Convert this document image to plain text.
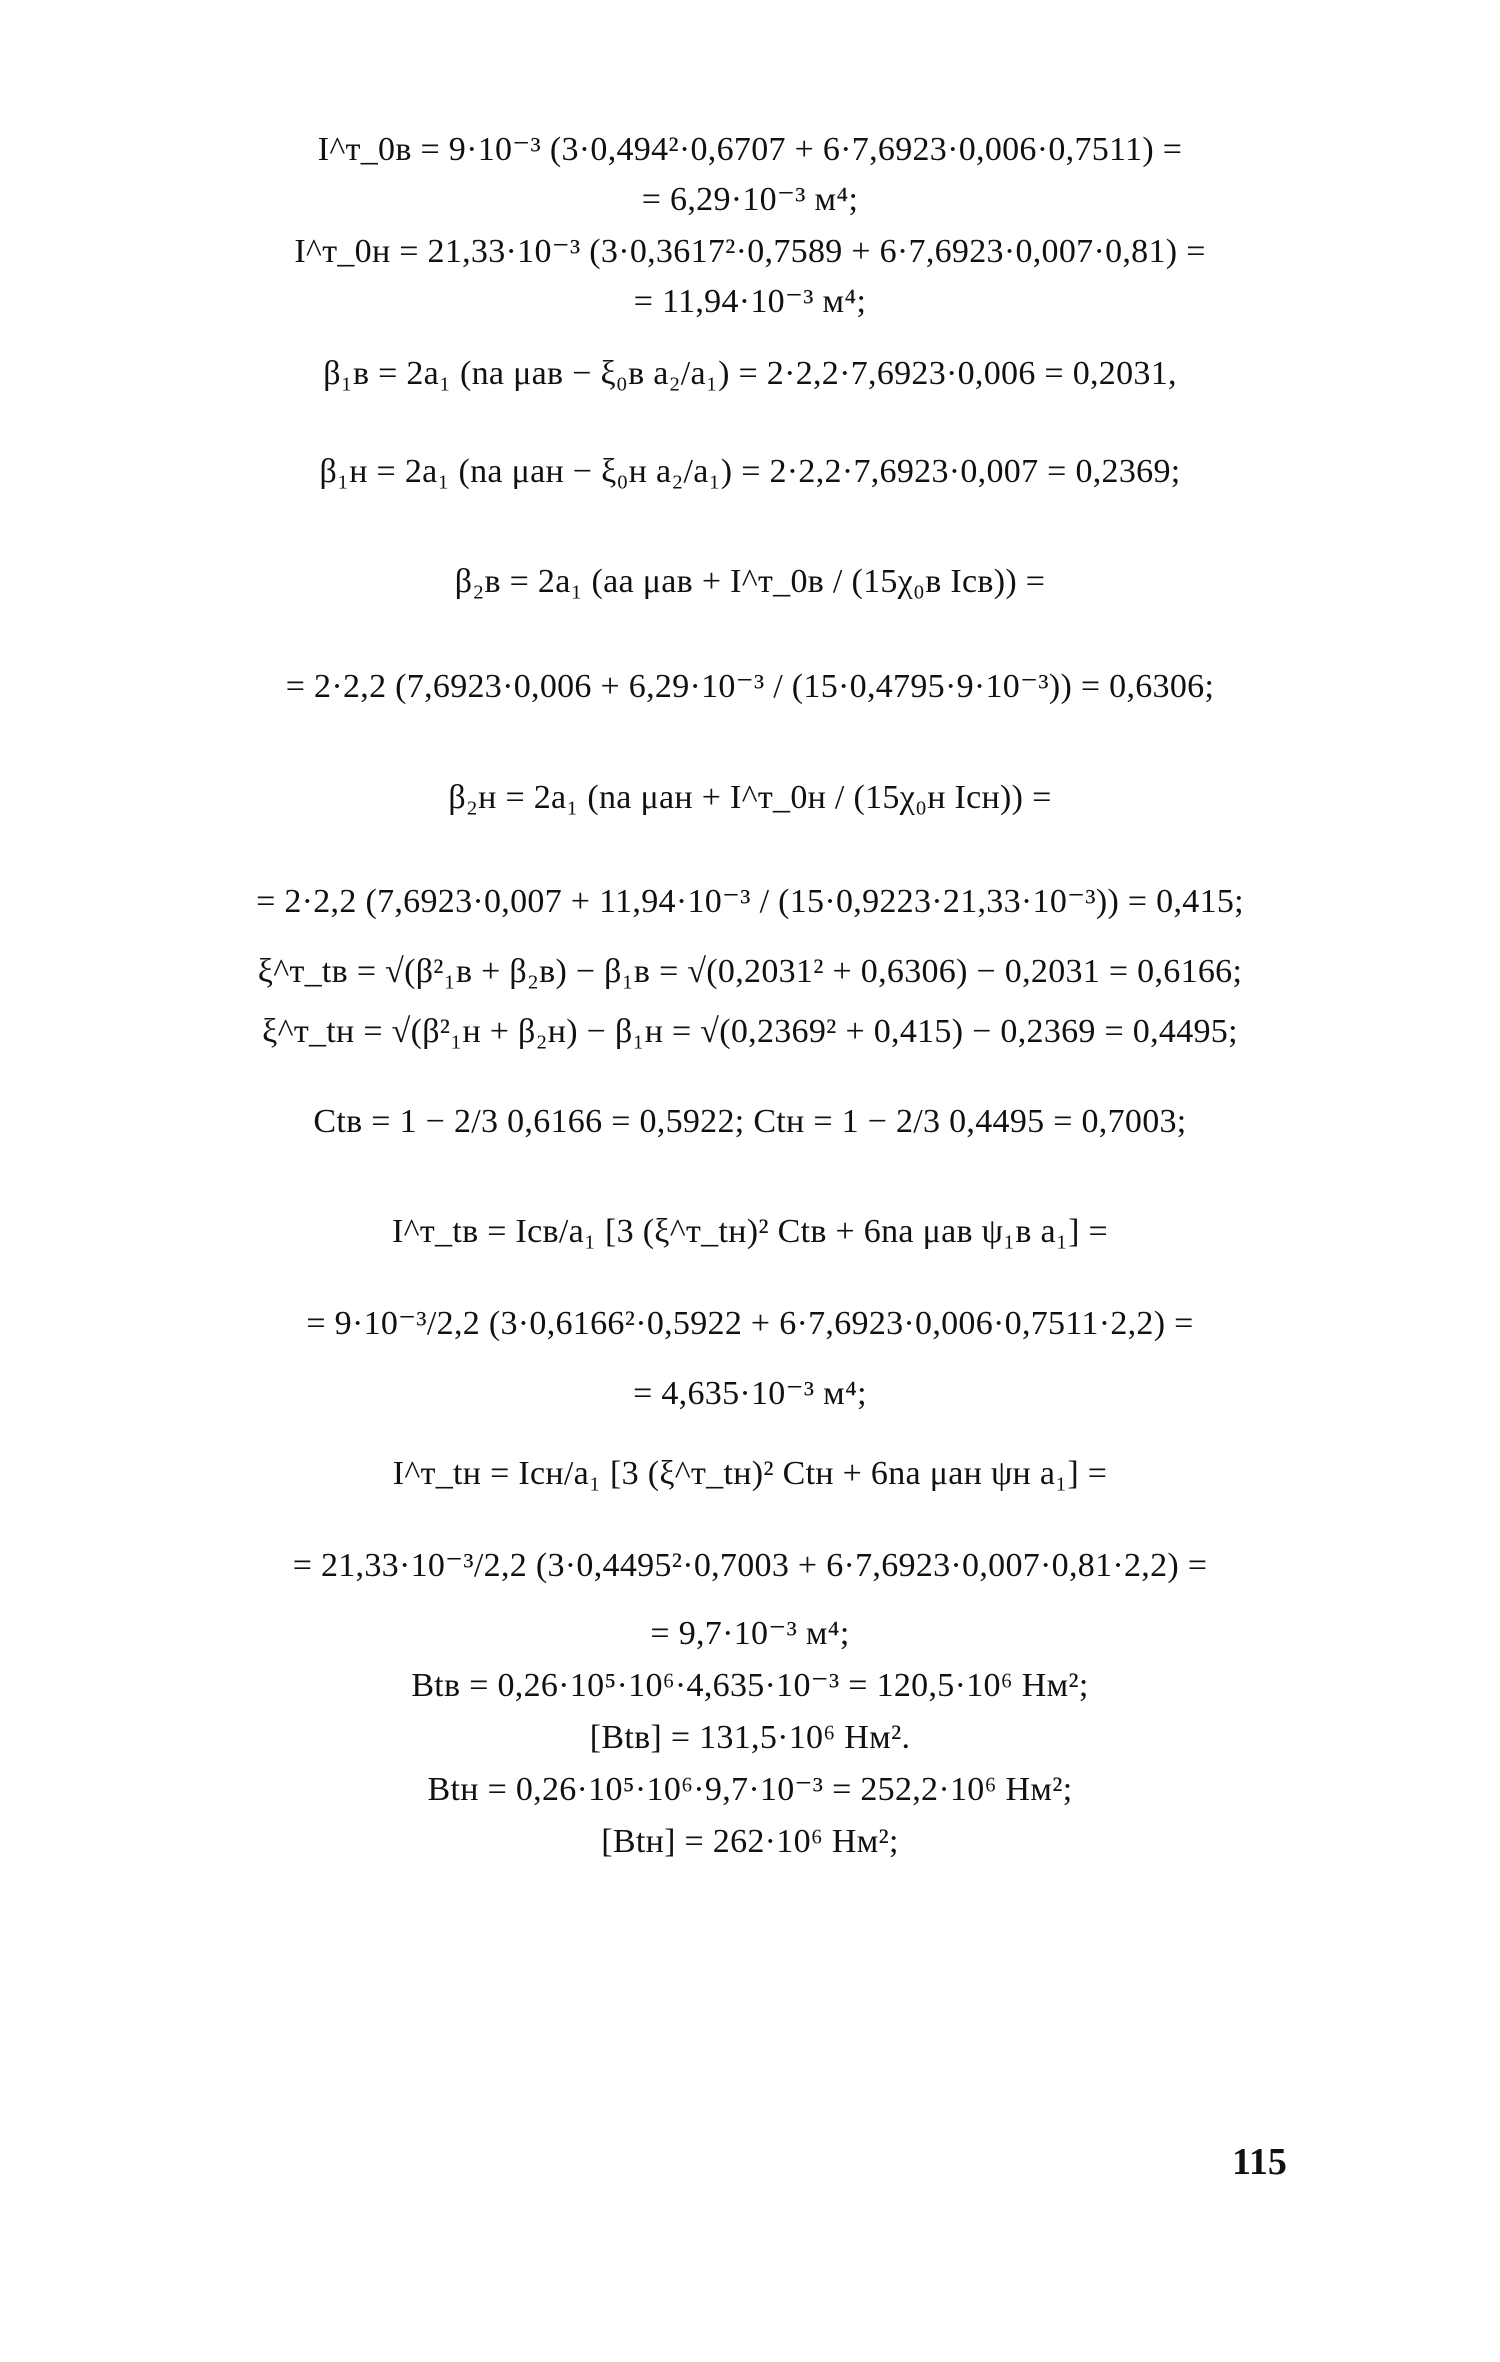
I^т_0в = 9·10⁻³ (3·0,494²·0,6707 + 6·7,6923·0,006·0,7511) =
= 6,29·10⁻³ м⁴;
I^т_0н = 21,33·10⁻³ (3·0,3617²·0,7589 + 6·7,6923·0,007·0,81) =
= 11,94·10⁻³ м⁴;
β₁в = 2a₁ (nа μaв − ξ₀в a₂/a₁) = 2·2,2·7,6923·0,006 = 0,2031,
β₁н = 2a₁ (nа μaн − ξ₀н a₂/a₁) = 2·2,2·7,6923·0,007 = 0,2369;
β₂в = 2a₁ (aа μaв + I^т_0в / (15χ₀в Iсв)) =
= 2·2,2 (7,6923·0,006 + 6,29·10⁻³ / (15·0,4795·9·10⁻³)) = 0,6306;
β₂н = 2a₁ (nа μaн + I^т_0н / (15χ₀н Iсн)) =
= 2·2,2 (7,6923·0,007 + 11,94·10⁻³ / (15·0,9223·21,33·10⁻³)) = 0,415;
ξ^т_tв = √(β²₁в + β₂в) − β₁в = √(0,2031² + 0,6306) − 0,2031 = 0,6166;
ξ^т_tн = √(β²₁н + β₂н) − β₁н = √(0,2369² + 0,415) − 0,2369 = 0,4495;
Ctв = 1 − 2/3 0,6166 = 0,5922; Ctн = 1 − 2/3 0,4495 = 0,7003;
I^т_tв = Iсв/a₁ [3 (ξ^т_tн)² Ctв + 6nа μaв ψ₁в a₁] =
= 9·10⁻³/2,2 (3·0,6166²·0,5922 + 6·7,6923·0,006·0,7511·2,2) =
= 4,635·10⁻³ м⁴;
I^т_tн = Iсн/a₁ [3 (ξ^т_tн)² Ctн + 6nа μaн ψн a₁] =
= 21,33·10⁻³/2,2 (3·0,4495²·0,7003 + 6·7,6923·0,007·0,81·2,2) =
= 9,7·10⁻³ м⁴;
Btв = 0,26·10⁵·10⁶·4,635·10⁻³ = 120,5·10⁶ Нм²;
[Btв] = 131,5·10⁶ Нм².
Btн = 0,26·10⁵·10⁶·9,7·10⁻³ = 252,2·10⁶ Нм²;
[Btн] = 262·10⁶ Нм²;
115
